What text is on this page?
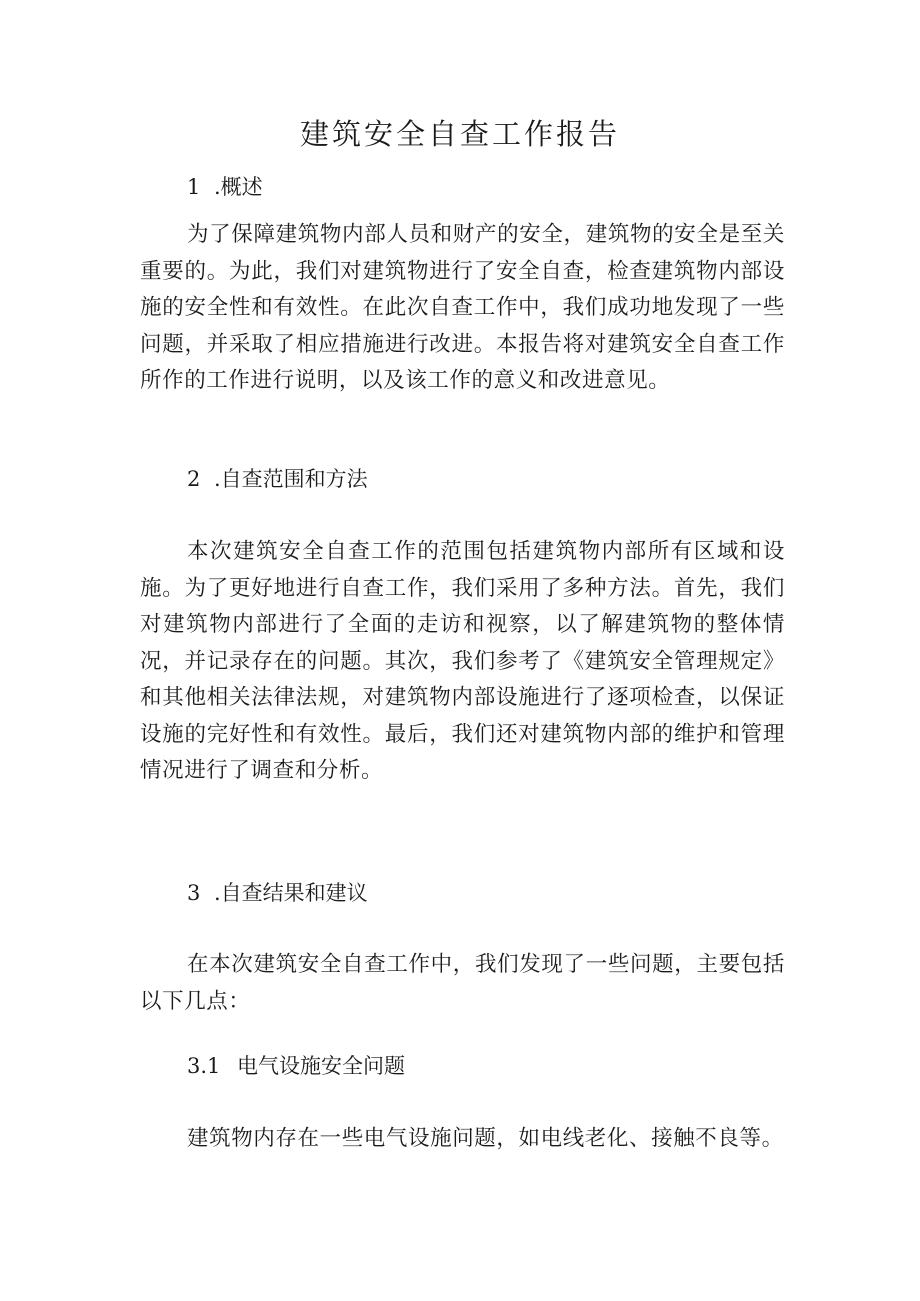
建筑安全自查工作报告
1 .概述

为了保障建筑物内部人员和财产的安全，建筑物的安全是至关重要的。为此，我们对建筑物进行了安全自查，检查建筑物内部设施的安全性和有效性。在此次自查工作中，我们成功地发现了一些问题，并采取了相应措施进行改进。本报告将对建筑安全自查工作所作的工作进行说明，以及该工作的意义和改进意见。

2 .自查范围和方法

本次建筑安全自查工作的范围包括建筑物内部所有区域和设施。为了更好地进行自查工作，我们采用了多种方法。首先，我们对建筑物内部进行了全面的走访和视察，以了解建筑物的整体情况，并记录存在的问题。其次，我们参考了《建筑安全管理规定》和其他相关法律法规，对建筑物内部设施进行了逐项检查，以保证设施的完好性和有效性。最后，我们还对建筑物内部的维护和管理情况进行了调查和分析。

3 .自查结果和建议

在本次建筑安全自查工作中，我们发现了一些问题，主要包括以下几点：

3.1 电气设施安全问题

建筑物内存在一些电气设施问题，如电线老化、接触不良等。
